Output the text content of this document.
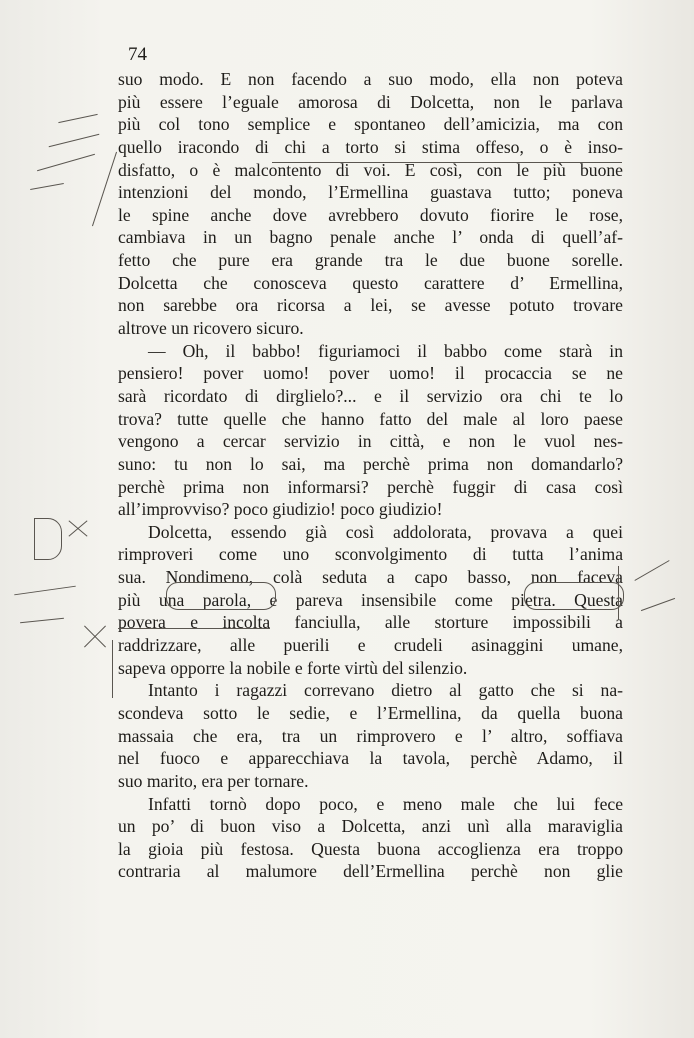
74
suo modo. E non facendo a suo modo, ella non poteva
più essere l’eguale amorosa di Dolcetta, non le parlava
più col tono semplice e spontaneo dell’amicizia, ma con
quello iracondo di chi a torto si stima offeso, o è inso-
disfatto, o è malcontento di voi. E così, con le più buone
intenzioni del mondo, l’Ermellina guastava tutto; poneva
le spine anche dove avrebbero dovuto fiorire le rose,
cambiava in un bagno penale anche l’ onda di quell’af-
fetto che pure era grande tra le due buone sorelle.
Dolcetta che conosceva questo carattere d’ Ermellina,
non sarebbe ora ricorsa a lei, se avesse potuto trovare
altrove un ricovero sicuro.
— Oh, il babbo! figuriamoci il babbo come starà in
pensiero! pover uomo! pover uomo! il procaccia se ne
sarà ricordato di dirglielo?... e il servizio ora chi te lo
trova? tutte quelle che hanno fatto del male al loro paese
vengono a cercar servizio in città, e non le vuol nes-
suno: tu non lo sai, ma perchè prima non domandarlo?
perchè prima non informarsi? perchè fuggir di casa così
all’improvviso? poco giudizio! poco giudizio!
Dolcetta, essendo già così addolorata, provava a quei
rimproveri come uno sconvolgimento di tutta l’anima
sua. Nondimeno, colà seduta a capo basso, non faceva
più una parola, e pareva insensibile come pietra. Questa
povera e incolta fanciulla, alle storture impossibili a
raddrizzare, alle puerili e crudeli asinaggini umane,
sapeva opporre la nobile e forte virtù del silenzio.
Intanto i ragazzi correvano dietro al gatto che si na-
scondeva sotto le sedie, e l’Ermellina, da quella buona
massaia che era, tra un rimprovero e l’ altro, soffiava
nel fuoco e apparecchiava la tavola, perchè Adamo, il
suo marito, era per tornare.
Infatti tornò dopo poco, e meno male che lui fece
un po’ di buon viso a Dolcetta, anzi unì alla maraviglia
la gioia più festosa. Questa buona accoglienza era troppo
contraria al malumore dell’Ermellina perchè non glie
